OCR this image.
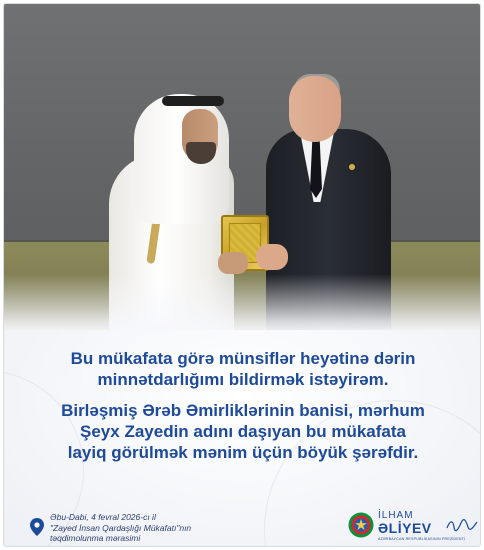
Bu mükafata görə münsiflər heyətinə dərin
minnətdarlığımı bildirmək istəyirəm.
Birləşmiş Ərəb Əmirliklərinin banisi, mərhum
Şeyx Zayedin adını daşıyan bu mükafata
layiq görülmək mənim üçün böyük şərəfdir.
Əbu-Dabi, 4 fevral 2026-cı il
"Zayed İnsan Qardaşlığı Mükafatı"nın
təqdimolunma mərasimi
İLHAM
ƏLİYEV
AZƏRBAYCAN RESPUBLİKASININ PREZİDENTİ
